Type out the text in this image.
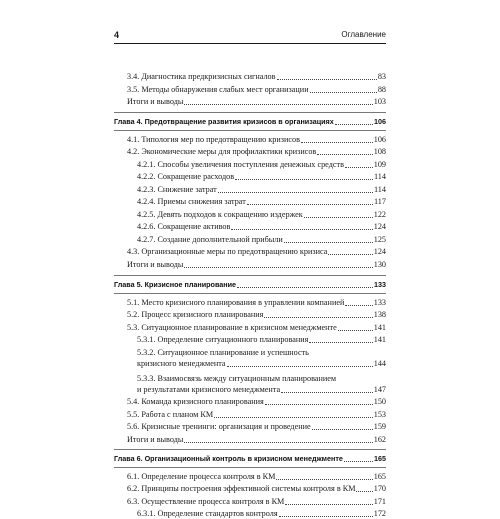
4	Оглавление
3.4. Диагностика предкризисных сигналов	83
3.5. Методы обнаружения слабых мест организации	88
Итоги и выводы	103
Глава 4. Предотвращение развития кризисов в организациях	106
4.1. Типология мер по предотвращению кризисов	106
4.2. Экономические меры для профилактики кризисов	108
4.2.1. Способы увеличения поступления денежных средств	109
4.2.2. Сокращение расходов	114
4.2.3. Снижение затрат	114
4.2.4. Приемы снижения затрат	117
4.2.5. Девять подходов к сокращению издержек	122
4.2.6. Сокращение активов	124
4.2.7. Создание дополнительной прибыли	125
4.3. Организационные меры по предотвращению кризиса	124
Итоги и выводы	130
Глава 5. Кризисное планирование	133
5.1. Место кризисного планирования в управлении компанией	133
5.2. Процесс кризисного планирования	138
5.3. Ситуационное планирование в кризисном менеджменте	141
5.3.1. Определение ситуационного планирования	141
5.3.2. Ситуационное планирование и успешность
кризисного менеджмента	144
5.3.3. Взаимосвязь между ситуационным планированием
и результатами кризисного менеджмента	147
5.4. Команда кризисного планирования	150
5.5. Работа с планом КМ	153
5.6. Кризисные тренинги: организация и проведение	159
Итоги и выводы	162
Глава 6. Организационный контроль в кризисном менеджменте	165
6.1. Определение процесса контроля в КМ	165
6.2. Принципы построения эффективной системы контроля в КМ 170
6.3. Осуществление процесса контроля в КМ	171
6.3.1. Определение стандартов контроля	172
